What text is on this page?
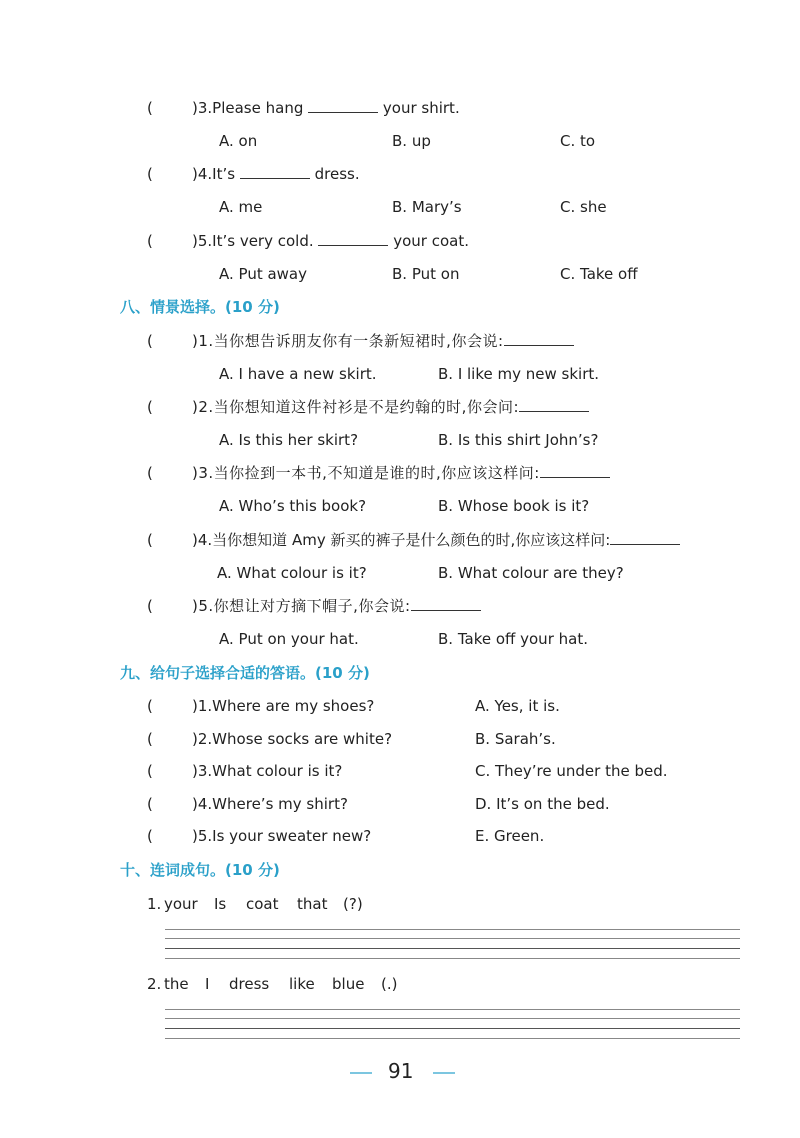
(	)3.Please hang	your shirt.
A. on	B. up	C. to
(	)4.It’s	dress.
A. me	B. Mary’s	C. she
(	)5.It’s very cold.	your coat.
A. Put away	B. Put on	C. Take off
八、情景选择。(10 分)
(	)1.当你想告诉朋友你有一条新短裙时,你会说:
A. I have a new skirt.	B. I like my new skirt.
(	)2.当你想知道这件衬衫是不是约翰的时,你会问:
A. Is this her skirt?	B. Is this shirt John’s?
(	)3.当你捡到一本书,不知道是谁的时,你应该这样问:
A. Who’s this book?	B. Whose book is it?
(	)4.当你想知道 Amy 新买的裤子是什么颜色的时,你应该这样问:
A. What colour is it?	B. What colour are they?
(	)5.你想让对方摘下帽子,你会说:
A. Put on your hat.	B. Take off your hat.
九、给句子选择合适的答语。(10 分)
(	)1.Where are my shoes?	A. Yes, it is.
(	)2.Whose socks are white?	B. Sarah’s.
(	)3.What colour is it?	C. They’re under the bed.
(	)4.Where’s my shirt?	D. It’s on the bed.
(	)5.Is your sweater new?	E. Green.
十、连词成句。(10 分)
1. your Is coat that (?)
2. the I dress like blue (.)
91
